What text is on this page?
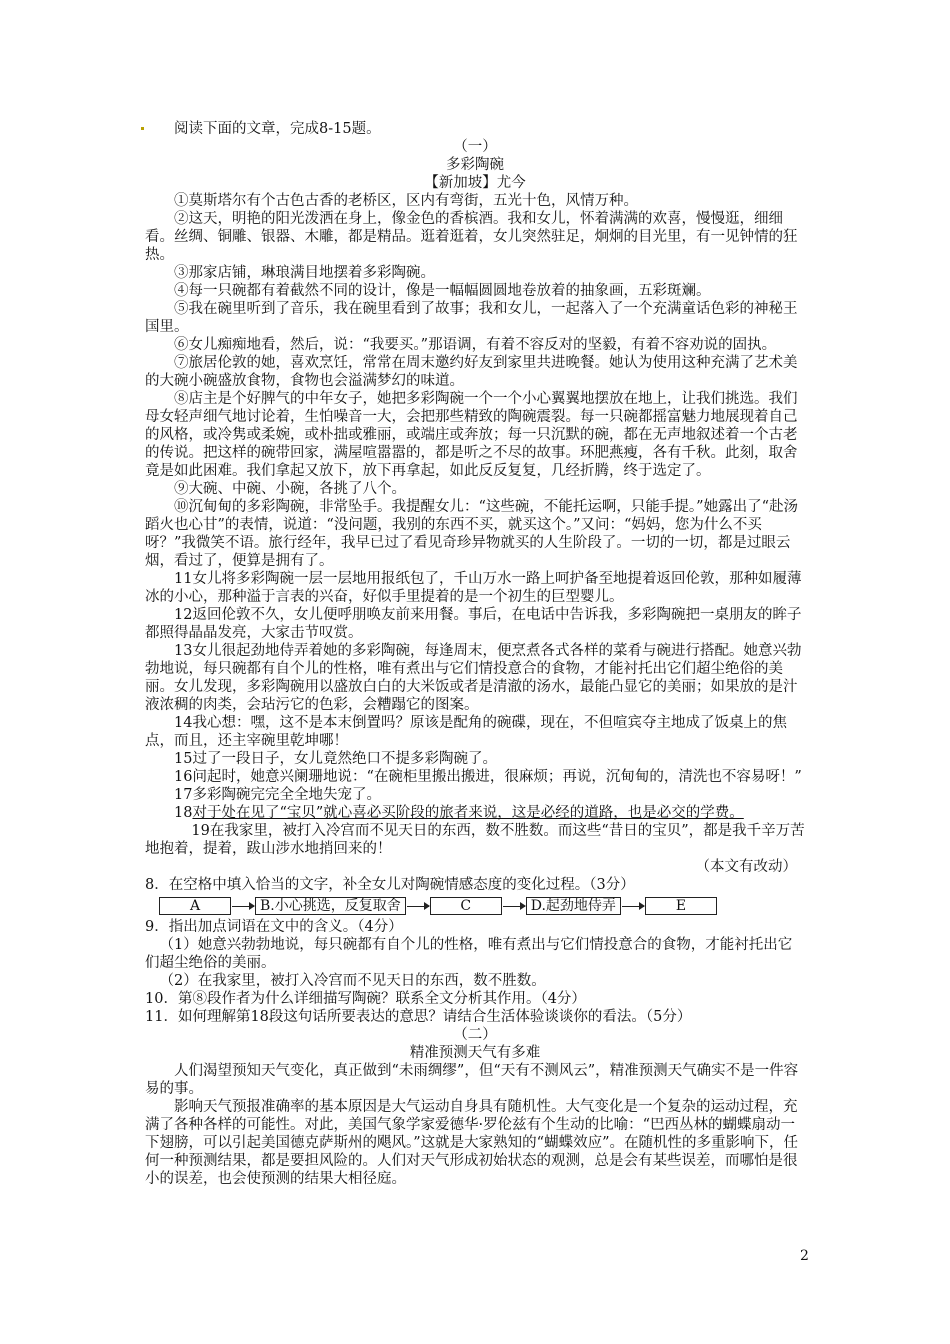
阅读下面的文章，完成8-15题。

（一）

多彩陶碗

【新加坡】尤今

①莫斯塔尔有个古色古香的老桥区，区内有弯街，五光十色，风情万种。

②这天，明艳的阳光泼洒在身上，像金色的香槟酒。我和女儿，怀着满满的欢喜，慢慢逛，细细看。丝绸、铜雕、银器、木雕，都是精品。逛着逛着，女儿突然驻足，炯炯的目光里，有一见钟情的狂热。

③那家店铺，琳琅满目地摆着多彩陶碗。

④每一只碗都有着截然不同的设计，像是一幅幅圆圆地卷放着的抽象画，五彩斑斓。

⑤我在碗里听到了音乐，我在碗里看到了故事；我和女儿，一起落入了一个充满童话色彩的神秘王国里。

⑥女儿痴痴地看，然后，说：“我要买。”那语调，有着不容反对的坚毅，有着不容劝说的固执。

⑦旅居伦敦的她，喜欢烹饪，常常在周末邀约好友到家里共进晚餐。她认为使用这种充满了艺术美的大碗小碗盛放食物，食物也会溢满梦幻的味道。

⑧店主是个好脾气的中年女子，她把多彩陶碗一个一个小心翼翼地摆放在地上，让我们挑选。我们母女轻声细气地讨论着，生怕噪音一大，会把那些精致的陶碗震裂。每一只碗都摇富魅力地展现着自己的风格，或冷隽或柔婉，或朴拙或雅丽，或端庄或奔放；每一只沉默的碗，都在无声地叙述着一个古老的传说。把这样的碗带回家，满屋喧嚣嚣的，都是听之不尽的故事。环肥燕瘦，各有千秋。此刻，取舍竟是如此困难。我们拿起又放下，放下再拿起，如此反反复复，几经折腾，终于选定了。

⑨大碗、中碗、小碗，各挑了八个。

⑩沉甸甸的多彩陶碗，非常坠手。我提醒女儿：“这些碗，不能托运啊，只能手提。”她露出了“赴汤蹈火也心甘”的表情，说道：“没问题，我别的东西不买，就买这个。”又问：“妈妈，您为什么不买呀？”我微笑不语。旅行经年，我早已过了看见奇珍异物就买的人生阶段了。一切的一切，都是过眼云烟，看过了，便算是拥有了。

11女儿将多彩陶碗一层一层地用报纸包了，千山万水一路上呵护备至地提着返回伦敦，那种如履薄冰的小心，那种溢于言表的兴奋，好似手里提着的是一个初生的巨型婴儿。

12返回伦敦不久，女儿便呼朋唤友前来用餐。事后，在电话中告诉我，多彩陶碗把一桌朋友的眸子都照得晶晶发亮，大家击节叹赏。

13女儿很起劲地侍弄着她的多彩陶碗，每逢周末，便烹煮各式各样的菜肴与碗进行搭配。她意兴勃勃地说，每只碗都有自个儿的性格，唯有煮出与它们情投意合的食物，才能衬托出它们超尘绝俗的美丽。女儿发现，多彩陶碗用以盛放白白的大米饭或者是清澈的汤水，最能凸显它的美丽；如果放的是汁液浓稠的肉类，会玷污它的色彩，会糟蹋它的图案。

14我心想：嘿，这不是本末倒置吗？原该是配角的碗碟，现在，不但喧宾夺主地成了饭桌上的焦点，而且，还主宰碗里乾坤哪！

15过了一段日子，女儿竟然绝口不提多彩陶碗了。

16问起时，她意兴阑珊地说：“在碗柜里搬出搬进，很麻烦；再说，沉甸甸的，清洗也不容易呀！”

17多彩陶碗完完全全地失宠了。

18对于处在见了“宝贝”就心喜必买阶段的旅者来说，这是必经的道路，也是必交的学费。

19在我家里，被打入冷宫而不见天日的东西，数不胜数。而这些“昔日的宝贝”，都是我千辛万苦地抱着，提着，跋山涉水地捎回来的！

（本文有改动）

8．在空格中填入恰当的文字，补全女儿对陶碗情感态度的变化过程。（3分）

A	B.小心挑选，反复取舍	C	D.起劲地侍弄	E

9．指出加点词语在文中的含义。（4分）

（1）她意兴勃勃地说，每只碗都有自个儿的性格，唯有煮出与它们情投意合的食物，才能衬托出它们超尘绝俗的美丽。

（2）在我家里，被打入冷宫而不见天日的东西，数不胜数。

10．第⑧段作者为什么详细描写陶碗？联系全文分析其作用。（4分）

11．如何理解第18段这句话所要表达的意思？请结合生活体验谈谈你的看法。（5分）

（二）

精准预测天气有多难

人们渴望预知天气变化，真正做到“未雨绸缪”，但“天有不测风云”，精准预测天气确实不是一件容易的事。

影响天气预报准确率的基本原因是大气运动自身具有随机性。大气变化是一个复杂的运动过程，充满了各种各样的可能性。对此，美国气象学家爱德华·罗伦兹有个生动的比喻：“巴西丛林的蝴蝶扇动一下翅膀，可以引起美国德克萨斯州的飓风。”这就是大家熟知的“蝴蝶效应”。在随机性的多重影响下，任何一种预测结果，都是要担风险的。人们对天气形成初始状态的观测，总是会有某些误差，而哪怕是很小的误差，也会使预测的结果大相径庭。

2
